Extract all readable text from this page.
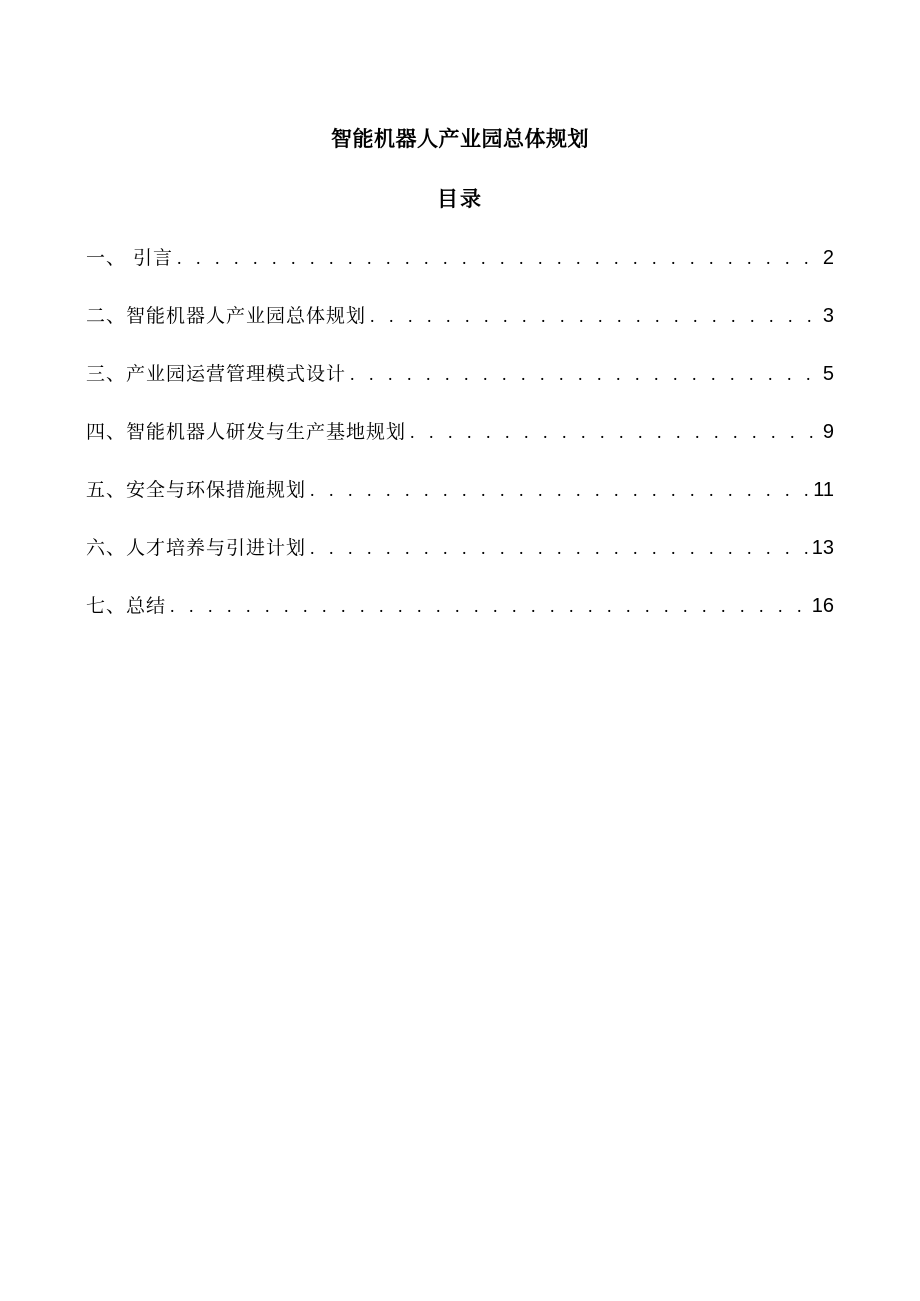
智能机器人产业园总体规划
目录
一、 引言 . . .	2
二、智能机器人产业园总体规划 . . .	3
三、产业园运营管理模式设计 . . .	5
四、智能机器人研发与生产基地规划 . . .	9
五、安全与环保措施规划 . . .	11
六、人才培养与引进计划 . . .	13
七、总结 . . .	16
